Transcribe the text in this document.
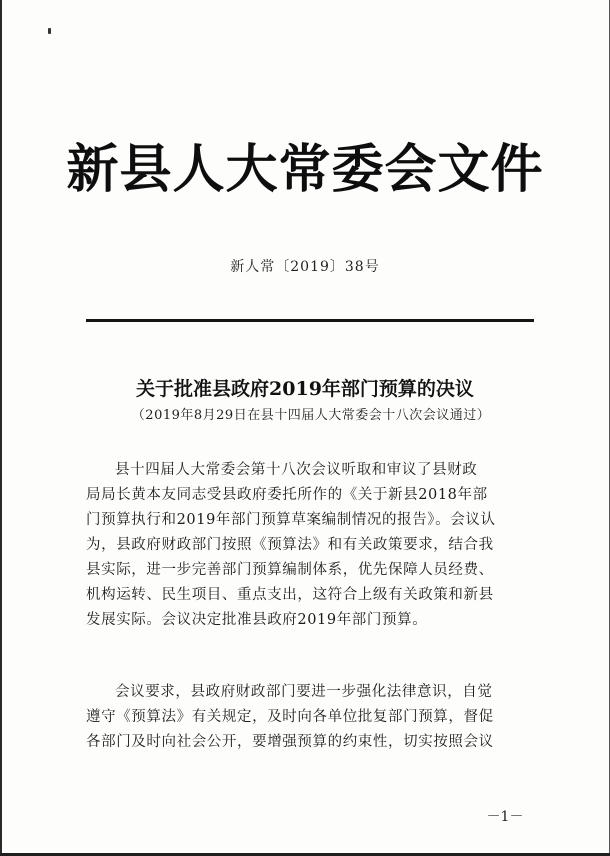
新县人大常委会文件
新人常〔2019〕38号
关于批准县政府2019年部门预算的决议
（2019年8月29日在县十四届人大常委会十八次会议通过）
县十四届人大常委会第十八次会议听取和审议了县财政
局局长黄本友同志受县政府委托所作的《关于新县2018年部
门预算执行和2019年部门预算草案编制情况的报告》。会议认
为，县政府财政部门按照《预算法》和有关政策要求，结合我
县实际，进一步完善部门预算编制体系，优先保障人员经费、
机构运转、民生项目、重点支出，这符合上级有关政策和新县
发展实际。会议决定批准县政府2019年部门预算。
会议要求，县政府财政部门要进一步强化法律意识，自觉
遵守《预算法》有关规定，及时向各单位批复部门预算，督促
各部门及时向社会公开，要增强预算的约束性，切实按照会议
－1－
